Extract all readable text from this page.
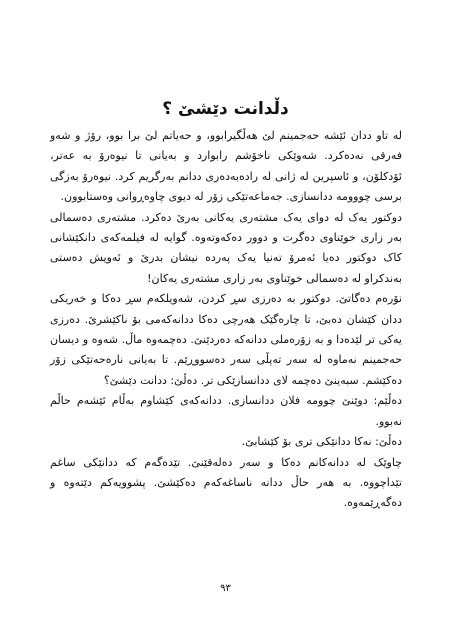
دڵدانت دێشێ ؟

لە تاو ددان ئێشە حەجمینم لێ هەڵگیرابوو، و حەیاتم لێ برا بوو، رۆژ و شەو فەرقی نەدەکرد. شەوێکی ناخۆشم رابوارد و بەیانی تا نیوەرۆ بە عەتر، ئۆدکلۆن، و ئاسپرین لە ژانی لە رادەبەدەری ددانم بەرگریم کرد. نیوەرۆ بەزگی برسی چووومە ددانسازی. جەماعەتێکی زۆر لە دیوی چاوەڕوانی وەستابوون.

دوکتور یەک لە دوای یەک مشتەری یەکانی بەرێ دەکرد. مشتەری دەسمالی بەر زاری خوێناوی دەگرت و دوور دەکەوتەوە. گوایە لە فیلمەکەی دانکێشانی کاک دوکتور دەیا ئەمرۆ تەنیا یەک پەردە نیشان بدرێ و ئەویش دەستی بەندکراو لە دەسمالی خوێناوی بەر زاری مشتەری یەکان!

نۆرەم دەگاتێ. دوکتور بە دەرزی سڕ کردن، شەویلکەم سڕ دەکا و خەریکی ددان کێشان دەبێ، تا چارەگێک هەرچی دەکا ددانەکەمی بۆ ناکێشرێ. دەرزی یەکی تر لێدەدا و بە زۆرەملی ددانەکە دەردێنێ. دەچمەوە ماڵ. شەوە و دیسان حەجمینم نەماوە لە سەر تەپڵی سەر دەسووڕێم. تا بەیانی نارەحەتێکی زۆر دەکێشم. سبەینێ دەچمە لای ددانسازێکی تر. دەڵێ: ددانت دێشێ؟

دەڵێم: دوێنێ چوومە فلان ددانسازی. ددانەکەی کێشاوم بەڵام ئێشەم حاڵم نەبوو.

دەڵێ: نەکا ددانێکی تری بۆ کێشابێ.

چاوێک لە ددانەکانم دەکا و سەر دەلەقێنێ. تێدەگەم کە ددانێکی ساغم تێداچووە. بە هەر حاڵ ددانە ناساغەکەم دەکێشێ. پشوویەکم دێتەوە و دەگەڕێمەوە.

٩٣
